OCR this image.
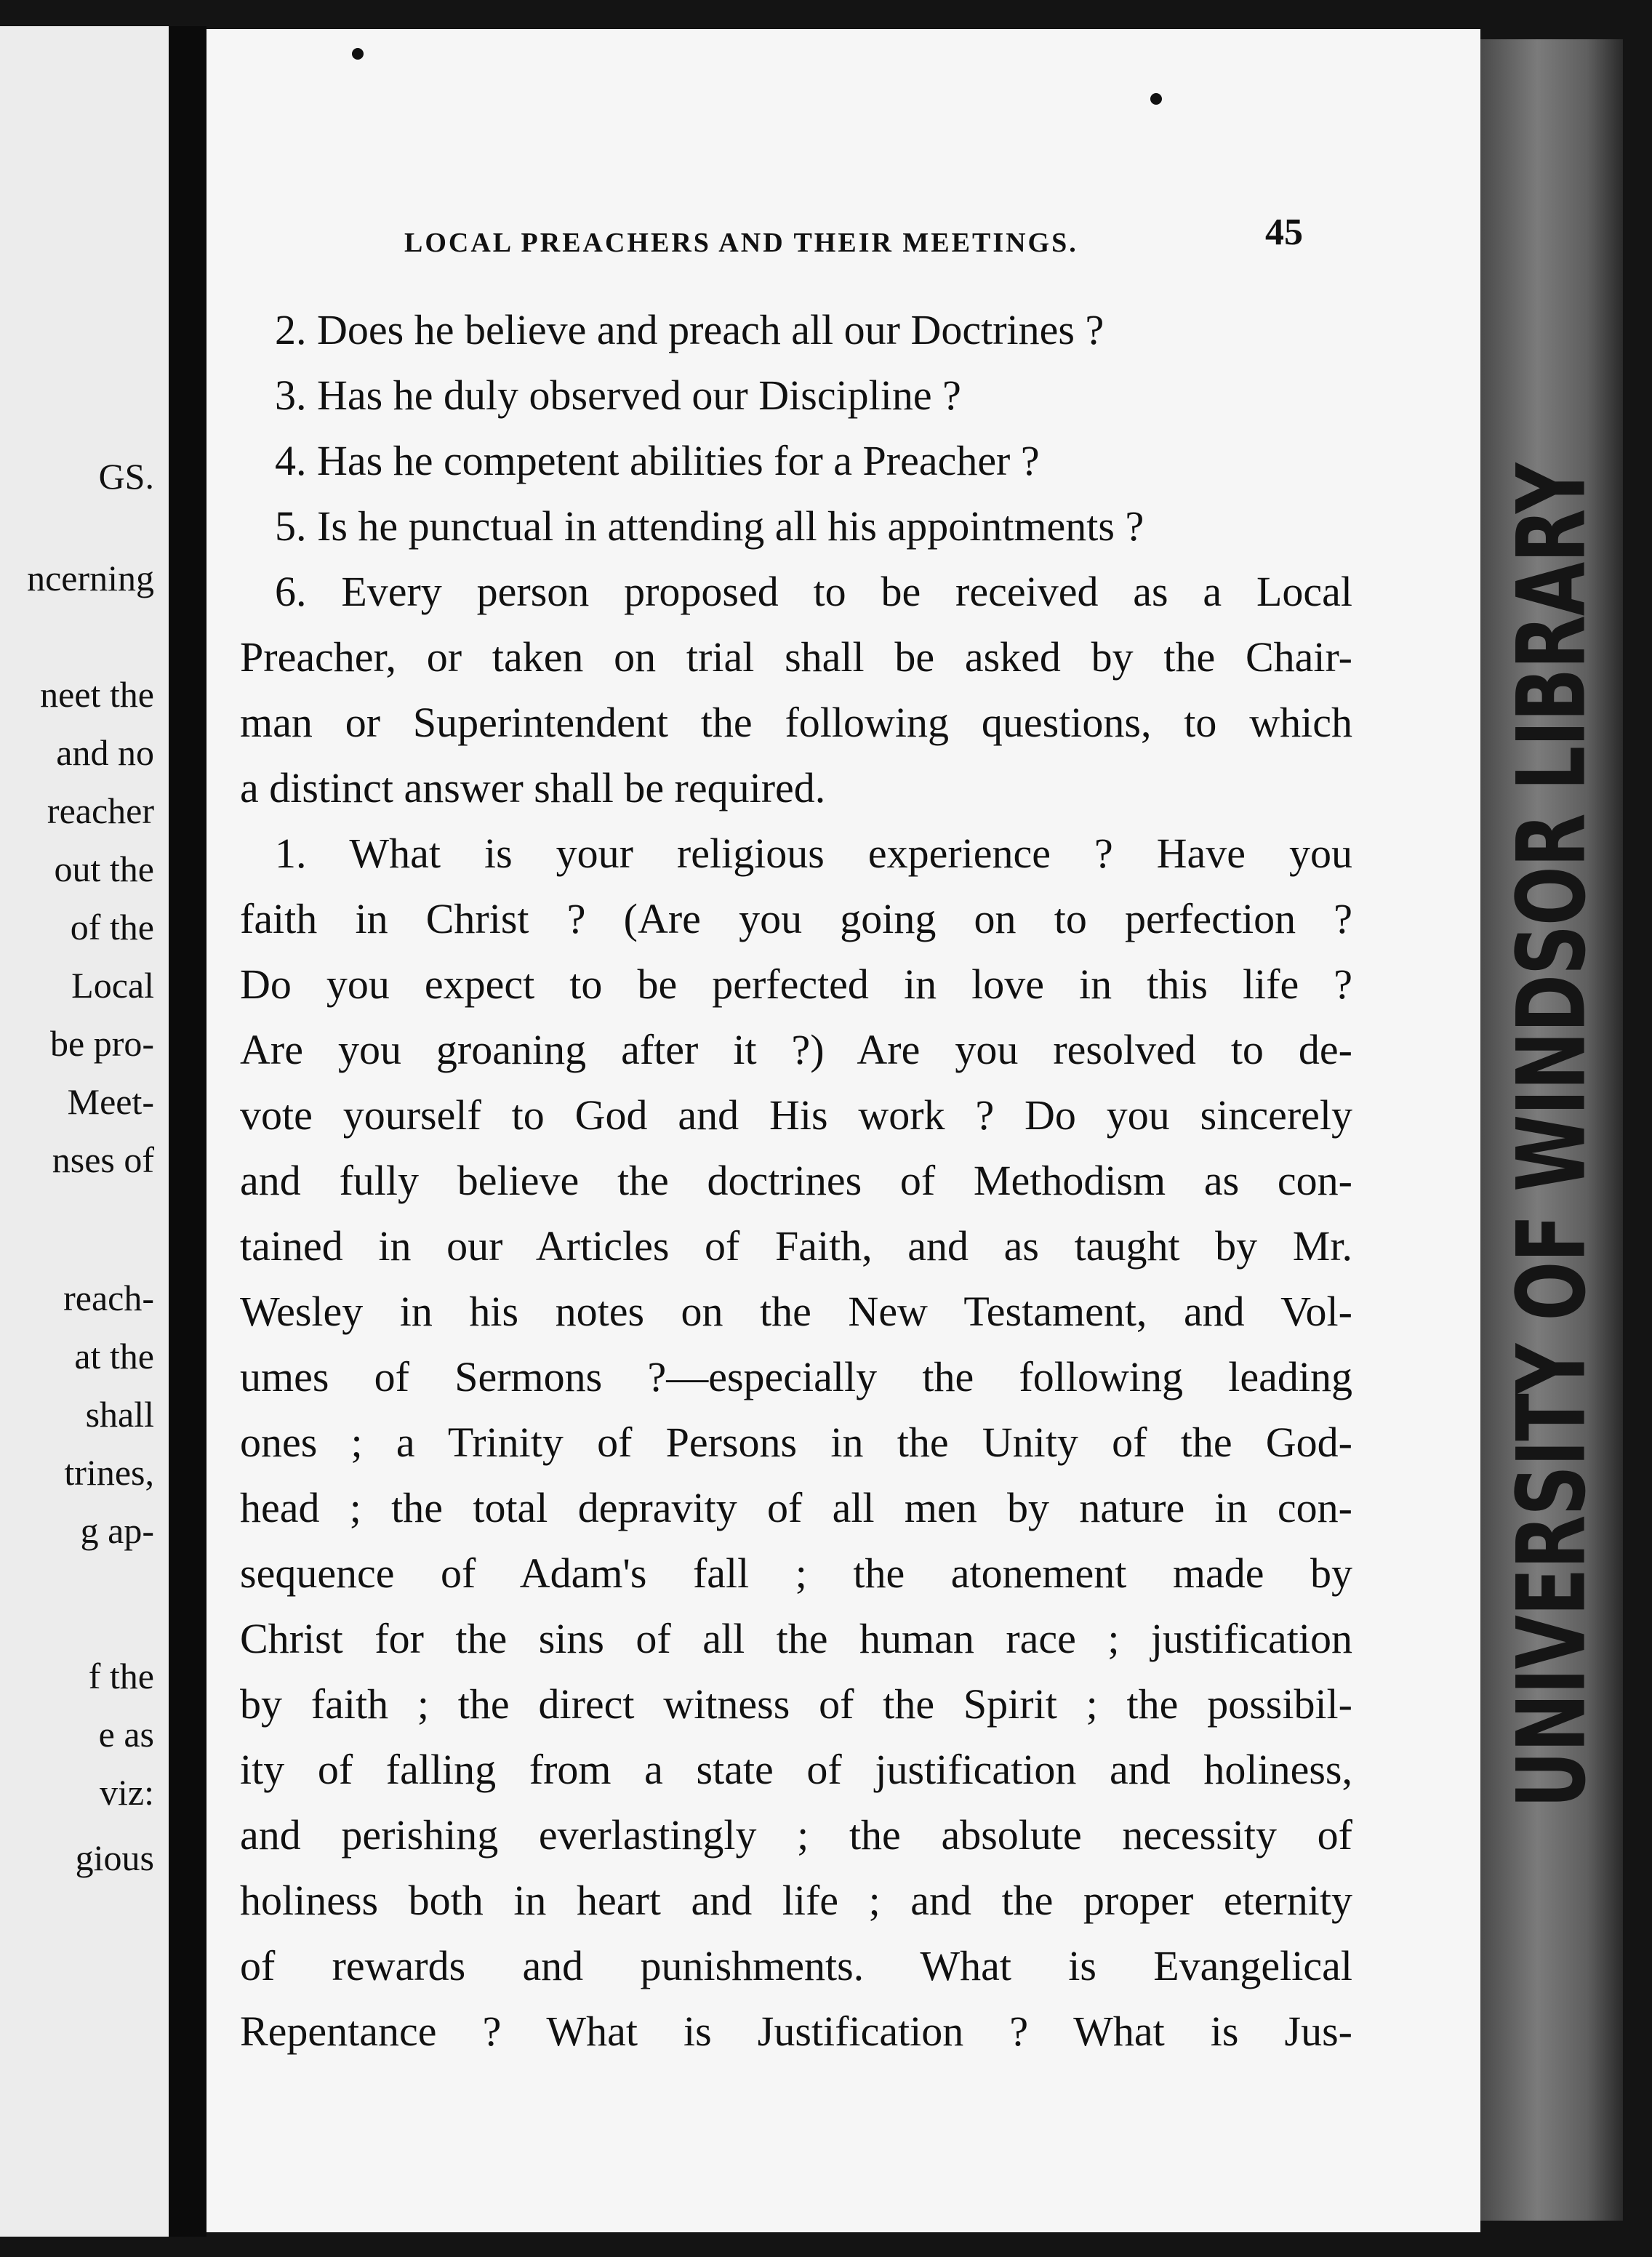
GS.
ncerning
neet the
and no
reacher
out the
of the
Local
be pro-
Meet-
nses of
reach-
at the
shall
trines,
g ap-
f the
e as
viz:
gious
LOCAL PREACHERS AND THEIR MEETINGS.	45
2. Does he believe and preach all our Doctrines ?
3. Has he duly observed our Discipline ?
4. Has he competent abilities for a Preacher ?
5. Is he punctual in attending all his appointments ?
6. Every person proposed to be received as a Local
Preacher, or taken on trial shall be asked by the Chair-
man or Superintendent the following questions, to which
a distinct answer shall be required.
1. What is your religious experience ? Have you
faith in Christ ? (Are you going on to perfection ?
Do you expect to be perfected in love in this life ?
Are you groaning after it ?) Are you resolved to de-
vote yourself to God and His work ? Do you sincerely
and fully believe the doctrines of Methodism as con-
tained in our Articles of Faith, and as taught by Mr.
Wesley in his notes on the New Testament, and Vol-
umes of Sermons ?—especially the following leading
ones ; a Trinity of Persons in the Unity of the God-
head ; the total depravity of all men by nature in con-
sequence of Adam's fall ; the atonement made by
Christ for the sins of all the human race ; justification
by faith ; the direct witness of the Spirit ; the possibil-
ity of falling from a state of justification and holiness,
and perishing everlastingly ; the absolute necessity of
holiness both in heart and life ; and the proper eternity
of rewards and punishments. What is Evangelical
Repentance ? What is Justification ? What is Jus-
UNIVERSITY OF WINDSOR LIBRARY
